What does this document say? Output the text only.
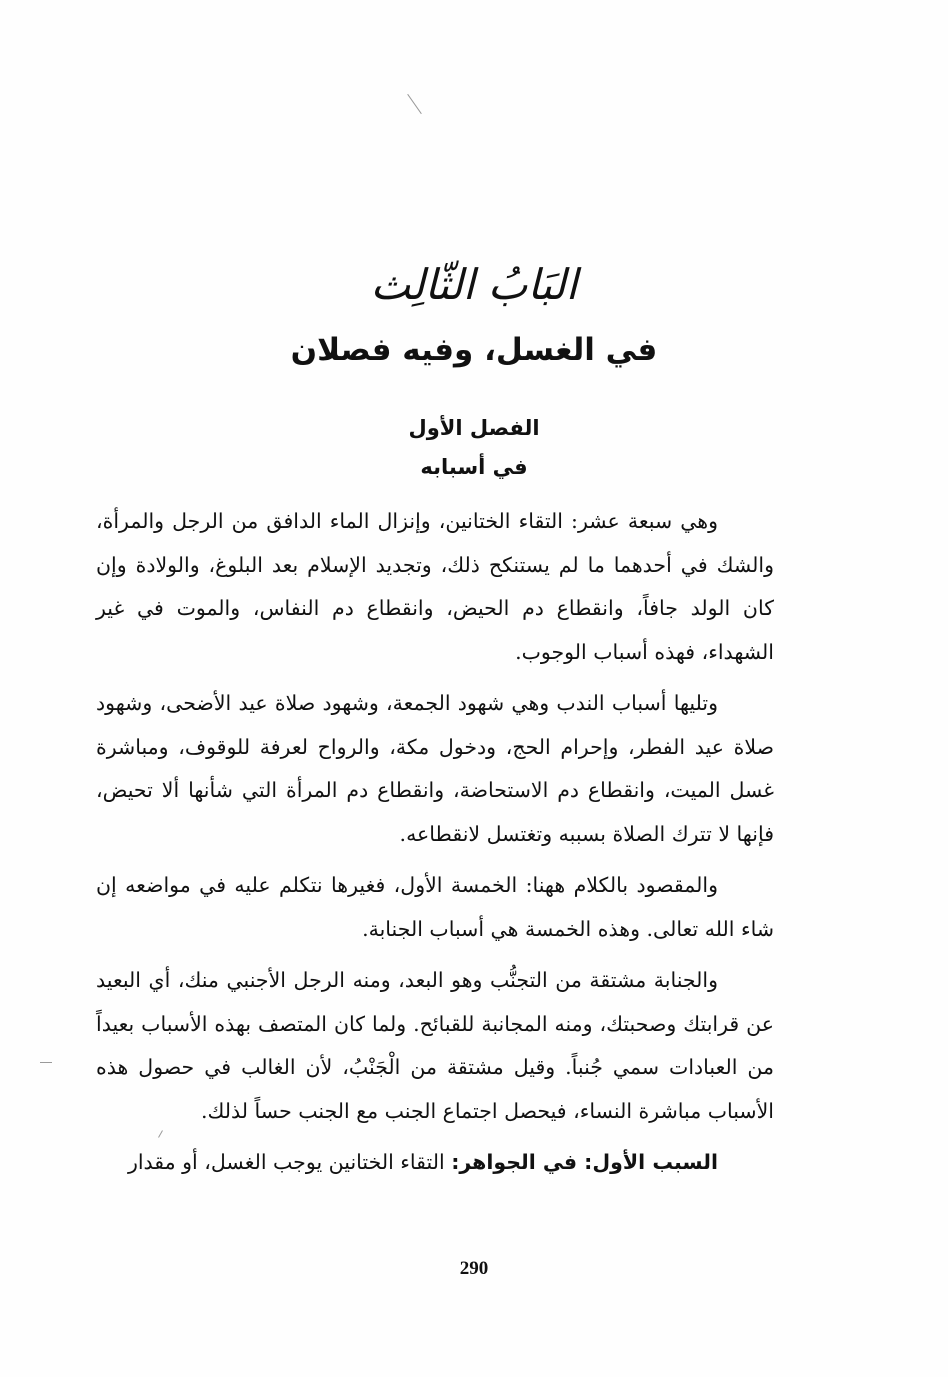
البَابُ الثّالِث
في الغسل، وفيه فصلان
الفصل الأول
في أسبابه

وهي سبعة عشر: التقاء الختانين، وإنزال الماء الدافق من الرجل والمرأة، والشك في أحدهما ما لم يستنكح ذلك، وتجديد الإسلام بعد البلوغ، والولادة وإن كان الولد جافاً، وانقطاع دم الحيض، وانقطاع دم النفاس، والموت في غير الشهداء، فهذه أسباب الوجوب.

وتليها أسباب الندب وهي شهود الجمعة، وشهود صلاة عيد الأضحى، وشهود صلاة عيد الفطر، وإحرام الحج، ودخول مكة، والرواح لعرفة للوقوف، ومباشرة غسل الميت، وانقطاع دم الاستحاضة، وانقطاع دم المرأة التي شأنها ألا تحيض، فإنها لا تترك الصلاة بسببه وتغتسل لانقطاعه.

والمقصود بالكلام ههنا: الخمسة الأول، فغيرها نتكلم عليه في مواضعه إن شاء الله تعالى. وهذه الخمسة هي أسباب الجنابة.

والجنابة مشتقة من التجنُّب وهو البعد، ومنه الرجل الأجنبي منك، أي البعيد عن قرابتك وصحبتك، ومنه المجانبة للقبائح. ولما كان المتصف بهذه الأسباب بعيداً من العبادات سمي جُنباً. وقيل مشتقة من الْجَنْبُ، لأن الغالب في حصول هذه الأسباب مباشرة النساء، فيحصل اجتماع الجنب مع الجنب حساً لذلك.

السبب الأول: في الجواهر: التقاء الختانين يوجب الغسل، أو مقدار

290
